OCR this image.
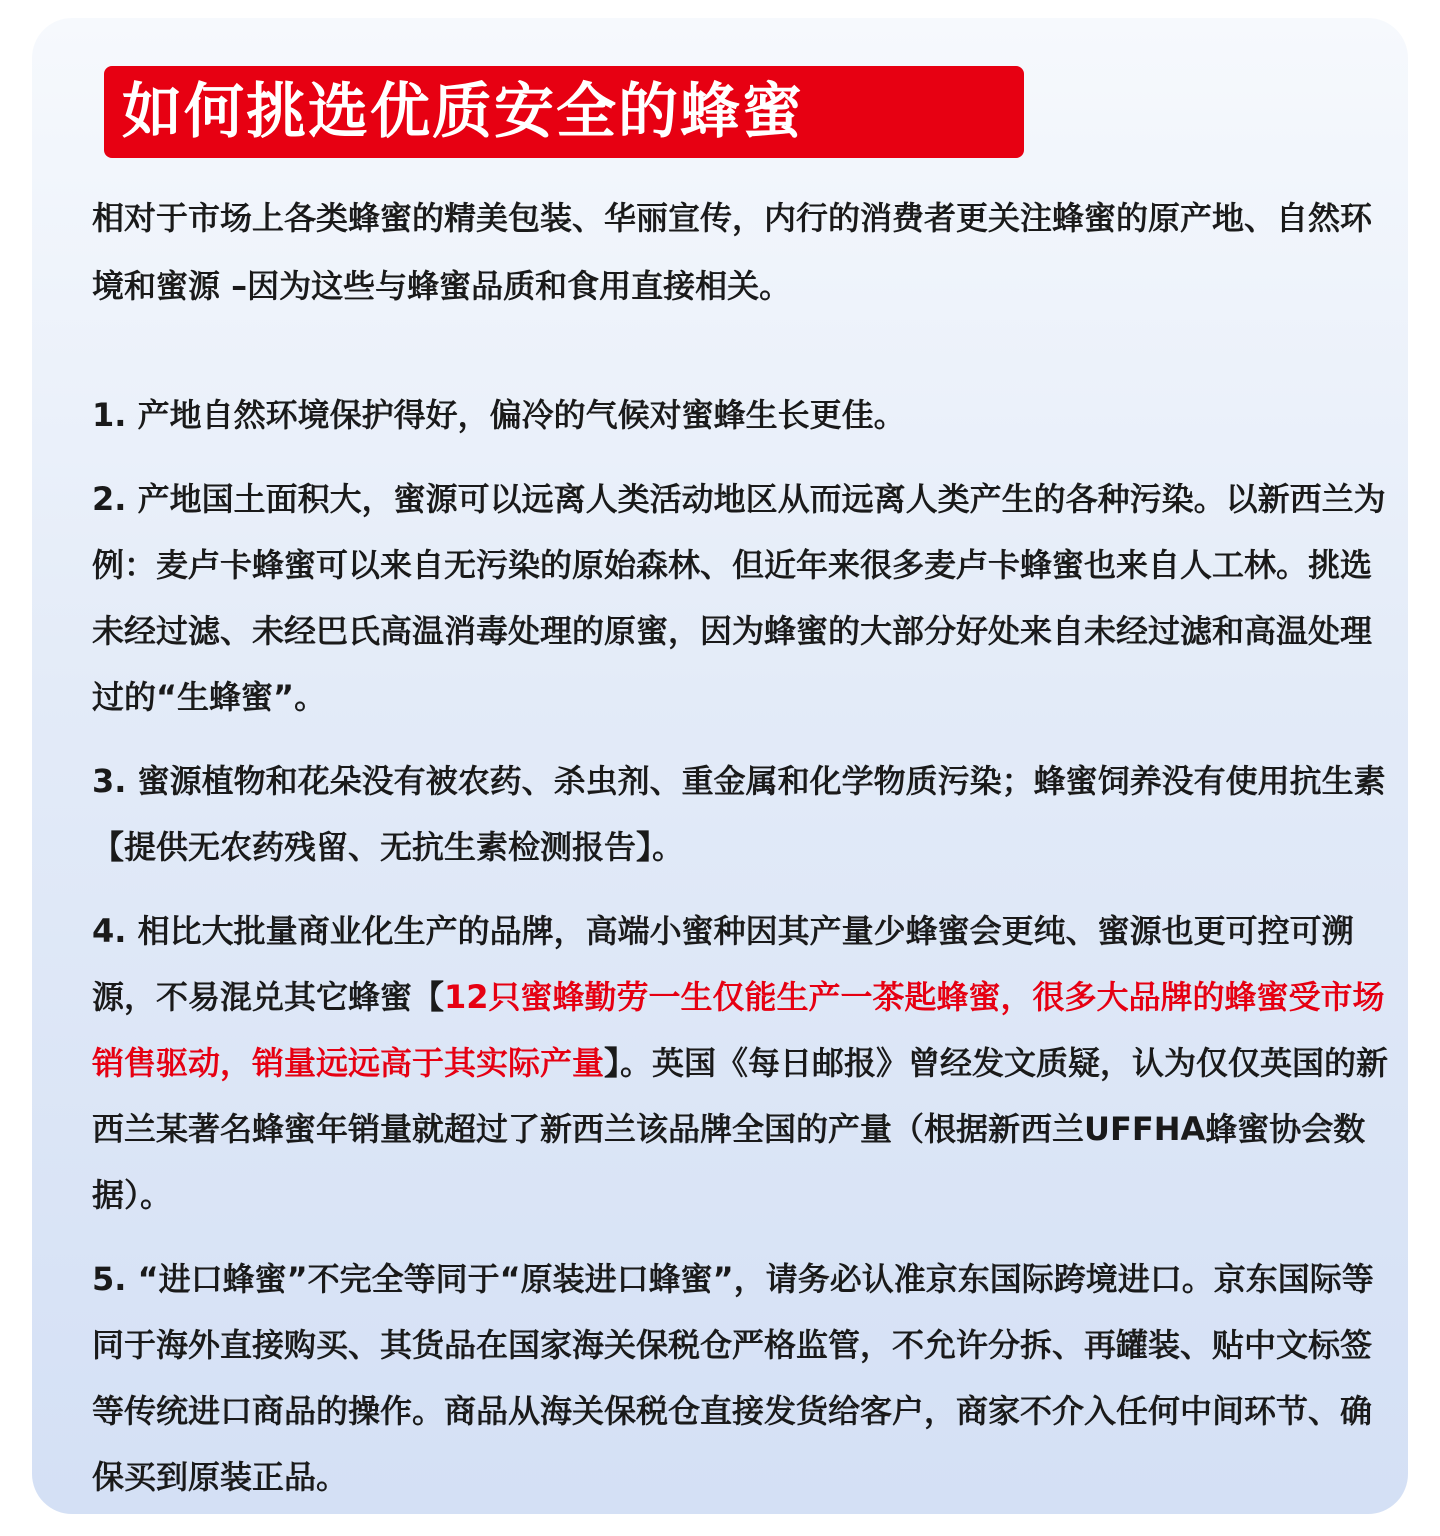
如何挑选优质安全的蜂蜜
相对于市场上各类蜂蜜的精美包装、华丽宣传，内行的消费者更关注蜂蜜的原产地、自然环境和蜜源 –因为这些与蜂蜜品质和食用直接相关。
1. 产地自然环境保护得好，偏冷的气候对蜜蜂生长更佳。
2. 产地国土面积大，蜜源可以远离人类活动地区从而远离人类产生的各种污染。以新西兰为例：麦卢卡蜂蜜可以来自无污染的原始森林、但近年来很多麦卢卡蜂蜜也来自人工林。挑选未经过滤、未经巴氏高温消毒处理的原蜜，因为蜂蜜的大部分好处来自未经过滤和高温处理过的“生蜂蜜”。
3. 蜜源植物和花朵没有被农药、杀虫剂、重金属和化学物质污染；蜂蜜饲养没有使用抗生素【提供无农药残留、无抗生素检测报告】。
4. 相比大批量商业化生产的品牌，高端小蜜种因其产量少蜂蜜会更纯、蜜源也更可控可溯源，不易混兑其它蜂蜜【12只蜜蜂勤劳一生仅能生产一茶匙蜂蜜，很多大品牌的蜂蜜受市场销售驱动，销量远远高于其实际产量】。英国《每日邮报》曾经发文质疑，认为仅仅英国的新西兰某著名蜂蜜年销量就超过了新西兰该品牌全国的产量（根据新西兰UFFHA蜂蜜协会数据）。
5. “进口蜂蜜”不完全等同于“原装进口蜂蜜”，请务必认准京东国际跨境进口。京东国际等同于海外直接购买、其货品在国家海关保税仓严格监管，不允许分拆、再罐装、贴中文标签等传统进口商品的操作。商品从海关保税仓直接发货给客户，商家不介入任何中间环节、确保买到原装正品。
